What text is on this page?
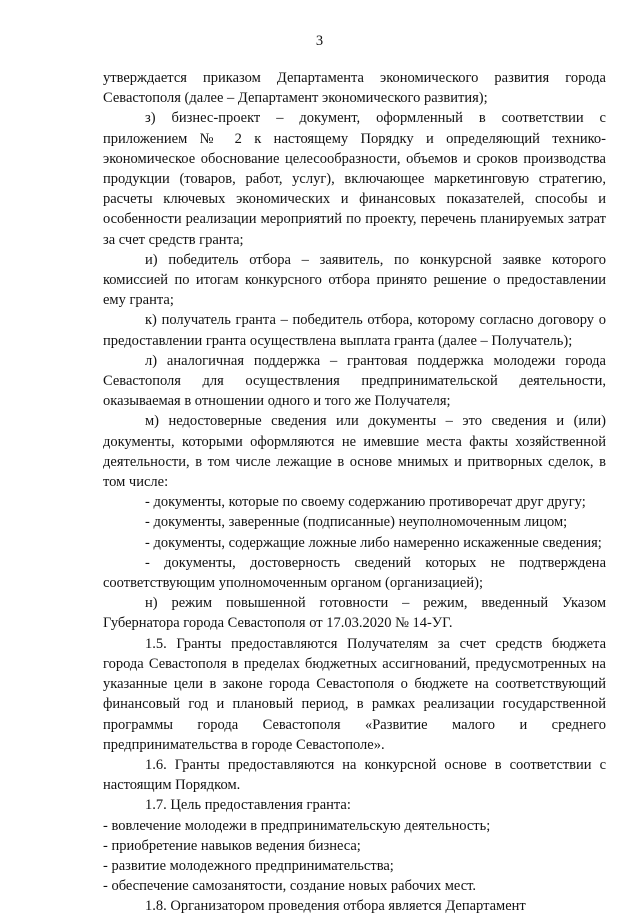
3

утверждается приказом Департамента экономического развития города Севастополя (далее – Департамент экономического развития);

з) бизнес-проект – документ, оформленный в соответствии с приложением № 2 к настоящему Порядку и определяющий технико-экономическое обоснование целесообразности, объемов и сроков производства продукции (товаров, работ, услуг), включающее маркетинговую стратегию, расчеты ключевых экономических и финансовых показателей, способы и особенности реализации мероприятий по проекту, перечень планируемых затрат за счет средств гранта;

и) победитель отбора – заявитель, по конкурсной заявке которого комиссией по итогам конкурсного отбора принято решение о предоставлении ему гранта;

к) получатель гранта – победитель отбора, которому согласно договору о предоставлении гранта осуществлена выплата гранта (далее – Получатель);

л) аналогичная поддержка – грантовая поддержка молодежи города Севастополя для осуществления предпринимательской деятельности, оказываемая в отношении одного и того же Получателя;

м) недостоверные сведения или документы – это сведения и (или) документы, которыми оформляются не имевшие места факты хозяйственной деятельности, в том числе лежащие в основе мнимых и притворных сделок, в том числе:

- документы, которые по своему содержанию противоречат друг другу;

- документы, заверенные (подписанные) неуполномоченным лицом;

- документы, содержащие ложные либо намеренно искаженные сведения;

- документы, достоверность сведений которых не подтверждена соответствующим уполномоченным органом (организацией);

н) режим повышенной готовности – режим, введенный Указом Губернатора города Севастополя от 17.03.2020 № 14-УГ.

1.5. Гранты предоставляются Получателям за счет средств бюджета города Севастополя в пределах бюджетных ассигнований, предусмотренных на указанные цели в законе города Севастополя о бюджете на соответствующий финансовый год и плановый период, в рамках реализации государственной программы города Севастополя «Развитие малого и среднего предпринимательства в городе Севастополе».

1.6. Гранты предоставляются на конкурсной основе в соответствии с настоящим Порядком.

1.7. Цель предоставления гранта:

- вовлечение молодежи в предпринимательскую деятельность;

- приобретение навыков ведения бизнеса;

- развитие молодежного предпринимательства;

- обеспечение самозанятости, создание новых рабочих мест.

1.8. Организатором проведения отбора является Департамент
